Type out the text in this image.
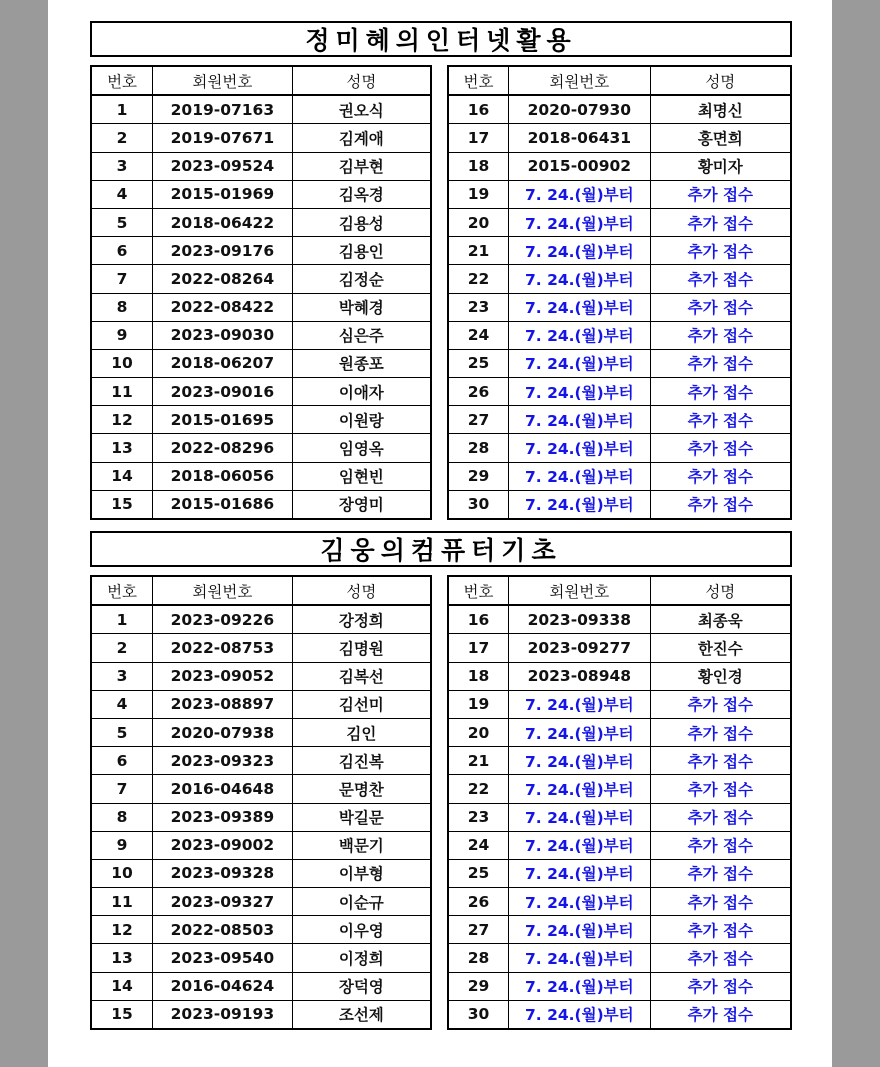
정미혜의인터넷활용
번호	회원번호	성명
1	2019-07163	권오식
2	2019-07671	김계애
3	2023-09524	김부현
4	2015-01969	김옥경
5	2018-06422	김용성
6	2023-09176	김용인
7	2022-08264	김정순
8	2022-08422	박혜경
9	2023-09030	심은주
10	2018-06207	원종포
11	2023-09016	이애자
12	2015-01695	이원랑
13	2022-08296	임영옥
14	2018-06056	임현빈
15	2015-01686	장영미
번호	회원번호	성명
16	2020-07930	최명신
17	2018-06431	홍면희
18	2015-00902	황미자
19	7. 24.(월)부터	추가 접수
20	7. 24.(월)부터	추가 접수
21	7. 24.(월)부터	추가 접수
22	7. 24.(월)부터	추가 접수
23	7. 24.(월)부터	추가 접수
24	7. 24.(월)부터	추가 접수
25	7. 24.(월)부터	추가 접수
26	7. 24.(월)부터	추가 접수
27	7. 24.(월)부터	추가 접수
28	7. 24.(월)부터	추가 접수
29	7. 24.(월)부터	추가 접수
30	7. 24.(월)부터	추가 접수
김웅의컴퓨터기초
번호	회원번호	성명
1	2023-09226	강정희
2	2022-08753	김명원
3	2023-09052	김복선
4	2023-08897	김선미
5	2020-07938	김인
6	2023-09323	김진복
7	2016-04648	문명찬
8	2023-09389	박길문
9	2023-09002	백문기
10	2023-09328	이부형
11	2023-09327	이순규
12	2022-08503	이우영
13	2023-09540	이정희
14	2016-04624	장덕영
15	2023-09193	조선제
번호	회원번호	성명
16	2023-09338	최종욱
17	2023-09277	한진수
18	2023-08948	황인경
19	7. 24.(월)부터	추가 접수
20	7. 24.(월)부터	추가 접수
21	7. 24.(월)부터	추가 접수
22	7. 24.(월)부터	추가 접수
23	7. 24.(월)부터	추가 접수
24	7. 24.(월)부터	추가 접수
25	7. 24.(월)부터	추가 접수
26	7. 24.(월)부터	추가 접수
27	7. 24.(월)부터	추가 접수
28	7. 24.(월)부터	추가 접수
29	7. 24.(월)부터	추가 접수
30	7. 24.(월)부터	추가 접수
